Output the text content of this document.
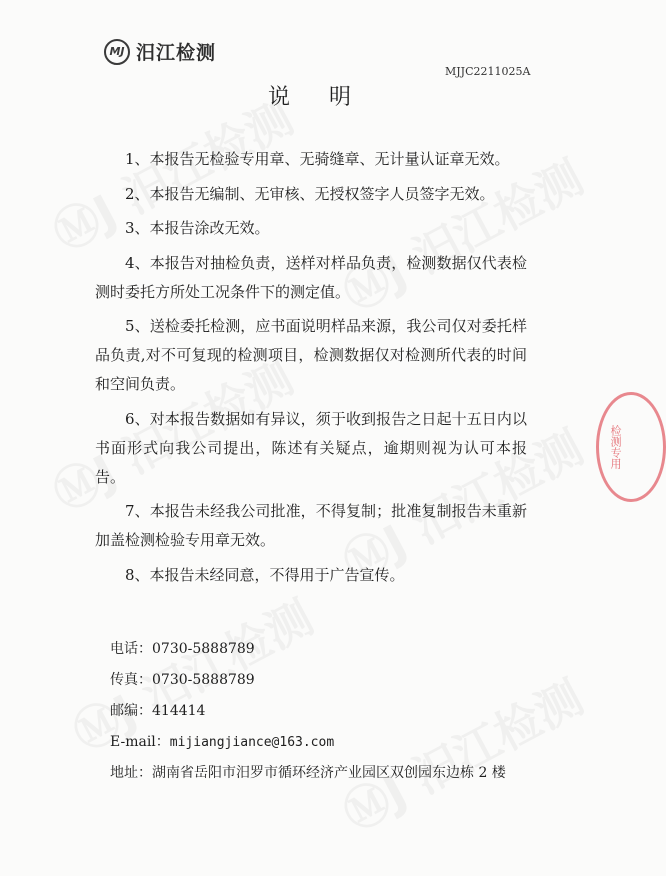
MJ 汨江检测
MJJC2211025A
说 明

1、本报告无检验专用章、无骑缝章、无计量认证章无效。

2、本报告无编制、无审核、无授权签字人员签字无效。

3、本报告涂改无效。

4、本报告对抽检负责，送样对样品负责，检测数据仅代表检测时委托方所处工况条件下的测定值。

5、送检委托检测，应书面说明样品来源，我公司仅对委托样品负责,对不可复现的检测项目，检测数据仅对检测所代表的时间和空间负责。

6、对本报告数据如有异议，须于收到报告之日起十五日内以书面形式向我公司提出，陈述有关疑点，逾期则视为认可本报告。

7、本报告未经我公司批准，不得复制；批准复制报告未重新加盖检测检验专用章无效。

8、本报告未经同意，不得用于广告宣传。

电话：0730-5888789
传真：0730-5888789
邮编：414414
E-mail：mijiangjiance@163.com
地址：湖南省岳阳市汨罗市循环经济产业园区双创园东边栋 2 楼
检测专用
